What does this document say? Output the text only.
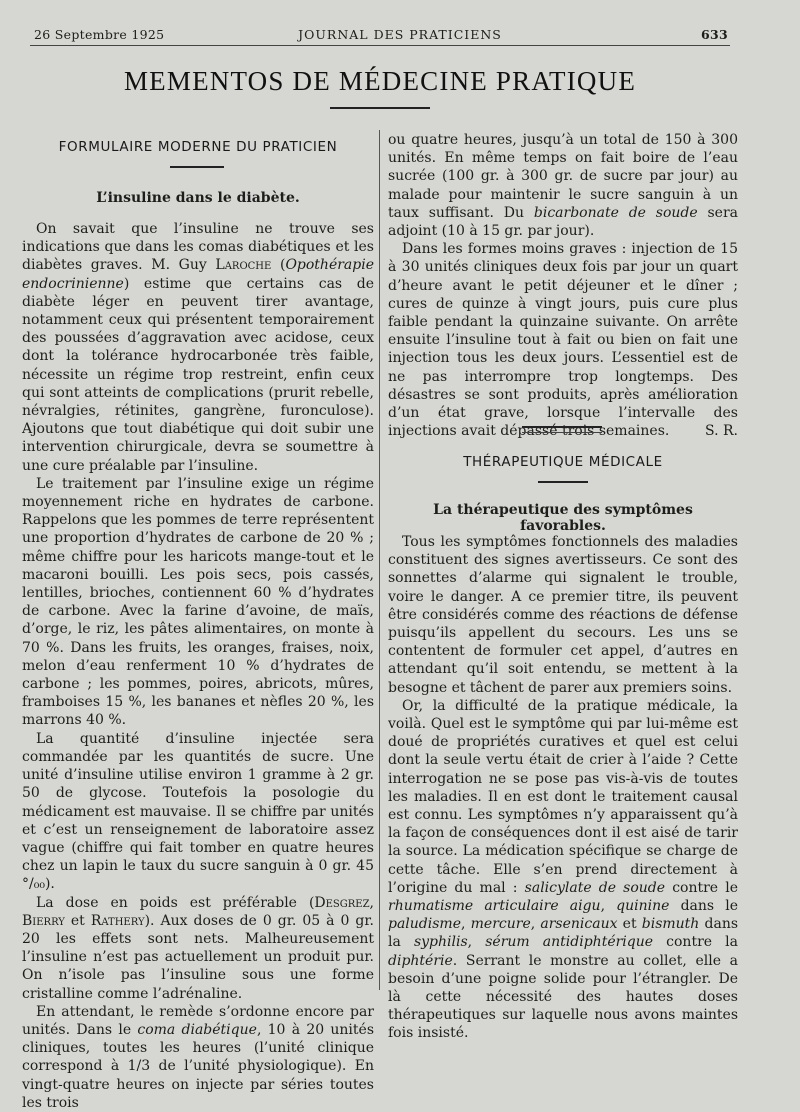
26 Septembre 1925	JOURNAL DES PRATICIENS	633
MEMENTOS DE MÉDECINE PRATIQUE
FORMULAIRE MODERNE DU PRATICIEN
L’insuline dans le diabète.

On savait que l’insuline ne trouve ses indications que dans les comas diabétiques et les diabètes graves. M. Guy Laroche (Opothérapie endocrinienne) estime que certains cas de diabète léger en peuvent tirer avantage, notamment ceux qui présentent temporairement des poussées d’aggravation avec acidose, ceux dont la tolérance hydrocarbonée très faible, nécessite un régime trop restreint, enfin ceux qui sont atteints de complications (prurit rebelle, névralgies, rétinites, gangrène, furonculose). Ajoutons que tout diabétique qui doit subir une intervention chirurgicale, devra se soumettre à une cure préalable par l’insuline.

Le traitement par l’insuline exige un régime moyennement riche en hydrates de carbone. Rappelons que les pommes de terre représentent une proportion d’hydrates de carbone de 20 % ; même chiffre pour les haricots mange-tout et le macaroni bouilli. Les pois secs, pois cassés, lentilles, brioches, contiennent 60 % d’hydrates de carbone. Avec la farine d’avoine, de maïs, d’orge, le riz, les pâtes alimentaires, on monte à 70 %. Dans les fruits, les oranges, fraises, noix, melon d’eau renferment 10 % d’hydrates de carbone ; les pommes, poires, abricots, mûres, framboises 15 %, les bananes et nèfles 20 %, les marrons 40 %.

La quantité d’insuline injectée sera commandée par les quantités de sucre. Une unité d’insuline utilise environ 1 gramme à 2 gr. 50 de glycose. Toutefois la posologie du médicament est mauvaise. Il se chiffre par unités et c’est un renseignement de laboratoire assez vague (chiffre qui fait tomber en quatre heures chez un lapin le taux du sucre sanguin à 0 gr. 45 °/₀₀).

La dose en poids est préférable (Desgrez, Bierry et Rathery). Aux doses de 0 gr. 05 à 0 gr. 20 les effets sont nets. Malheureusement l’insuline n’est pas actuellement un produit pur. On n’isole pas l’insuline sous une forme cristalline comme l’adrénaline.

En attendant, le remède s’ordonne encore par unités. Dans le coma diabétique, 10 à 20 unités cliniques, toutes les heures (l’unité clinique correspond à 1/3 de l’unité physiologique). En vingt-quatre heures on injecte par séries toutes les trois

ou quatre heures, jusqu’à un total de 150 à 300 unités. En même temps on fait boire de l’eau sucrée (100 gr. à 300 gr. de sucre par jour) au malade pour maintenir le sucre sanguin à un taux suffisant. Du bicarbonate de soude sera adjoint (10 à 15 gr. par jour).

Dans les formes moins graves : injection de 15 à 30 unités cliniques deux fois par jour un quart d’heure avant le petit déjeuner et le dîner ; cures de quinze à vingt jours, puis cure plus faible pendant la quinzaine suivante. On arrête ensuite l’insuline tout à fait ou bien on fait une injection tous les deux jours. L’essentiel est de ne pas interrompre trop longtemps. Des désastres se sont produits, après amélioration d’un état grave, lorsque l’intervalle des injections avait dépassé trois semaines.	S. R.

THÉRAPEUTIQUE MÉDICALE
La thérapeutique des symptômes favorables.

Tous les symptômes fonctionnels des maladies constituent des signes avertisseurs. Ce sont des sonnettes d’alarme qui signalent le trouble, voire le danger. A ce premier titre, ils peuvent être considérés comme des réactions de défense puisqu’ils appellent du secours. Les uns se contentent de formuler cet appel, d’autres en attendant qu’il soit entendu, se mettent à la besogne et tâchent de parer aux premiers soins.

Or, la difficulté de la pratique médicale, la voilà. Quel est le symptôme qui par lui-même est doué de propriétés curatives et quel est celui dont la seule vertu était de crier à l’aide ? Cette interrogation ne se pose pas vis-à-vis de toutes les maladies. Il en est dont le traitement causal est connu. Les symptômes n’y apparaissent qu’à la façon de conséquences dont il est aisé de tarir la source. La médication spécifique se charge de cette tâche. Elle s’en prend directement à l’origine du mal : salicylate de soude contre le rhumatisme articulaire aigu, quinine dans le paludisme, mercure, arsenicaux et bismuth dans la syphilis, sérum antidiphtérique contre la diphtérie. Serrant le monstre au collet, elle a besoin d’une poigne solide pour l’étrangler. De là cette nécessité des hautes doses thérapeutiques sur laquelle nous avons maintes fois insisté.
